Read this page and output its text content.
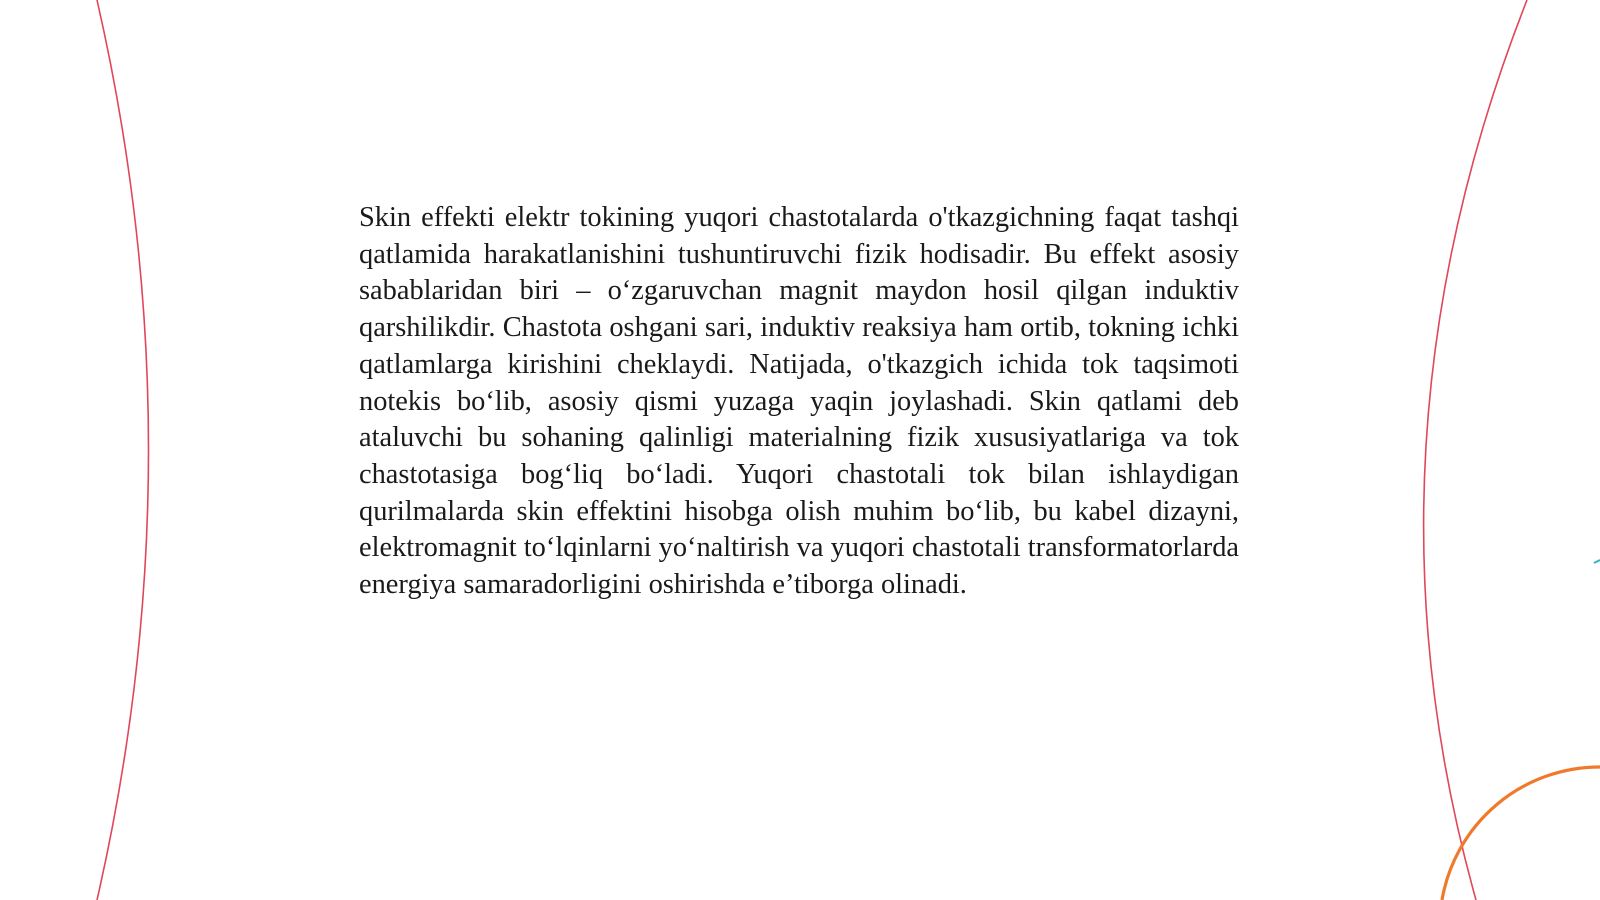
Skin effekti elektr tokining yuqori chastotalarda o'tkazgichning faqat tashqi qatlamida harakatlanishini tushuntiruvchi fizik hodisadir. Bu effekt asosiy sabablaridan biri – o‘zgaruvchan magnit maydon hosil qilgan induktiv qarshilikdir. Chastota oshgani sari, induktiv reaksiya ham ortib, tokning ichki qatlamlarga kirishini cheklaydi. Natijada, o'tkazgich ichida tok taqsimoti notekis bo‘lib, asosiy qismi yuzaga yaqin joylashadi. Skin qatlami deb ataluvchi bu sohaning qalinligi materialning fizik xususiyatlariga va tok chastotasiga bog‘liq bo‘ladi. Yuqori chastotali tok bilan ishlaydigan qurilmalarda skin effektini hisobga olish muhim bo‘lib, bu kabel dizayni, elektromagnit to‘lqinlarni yo‘naltirish va yuqori chastotali transformatorlarda energiya samaradorligini oshirishda e’tiborga olinadi.
